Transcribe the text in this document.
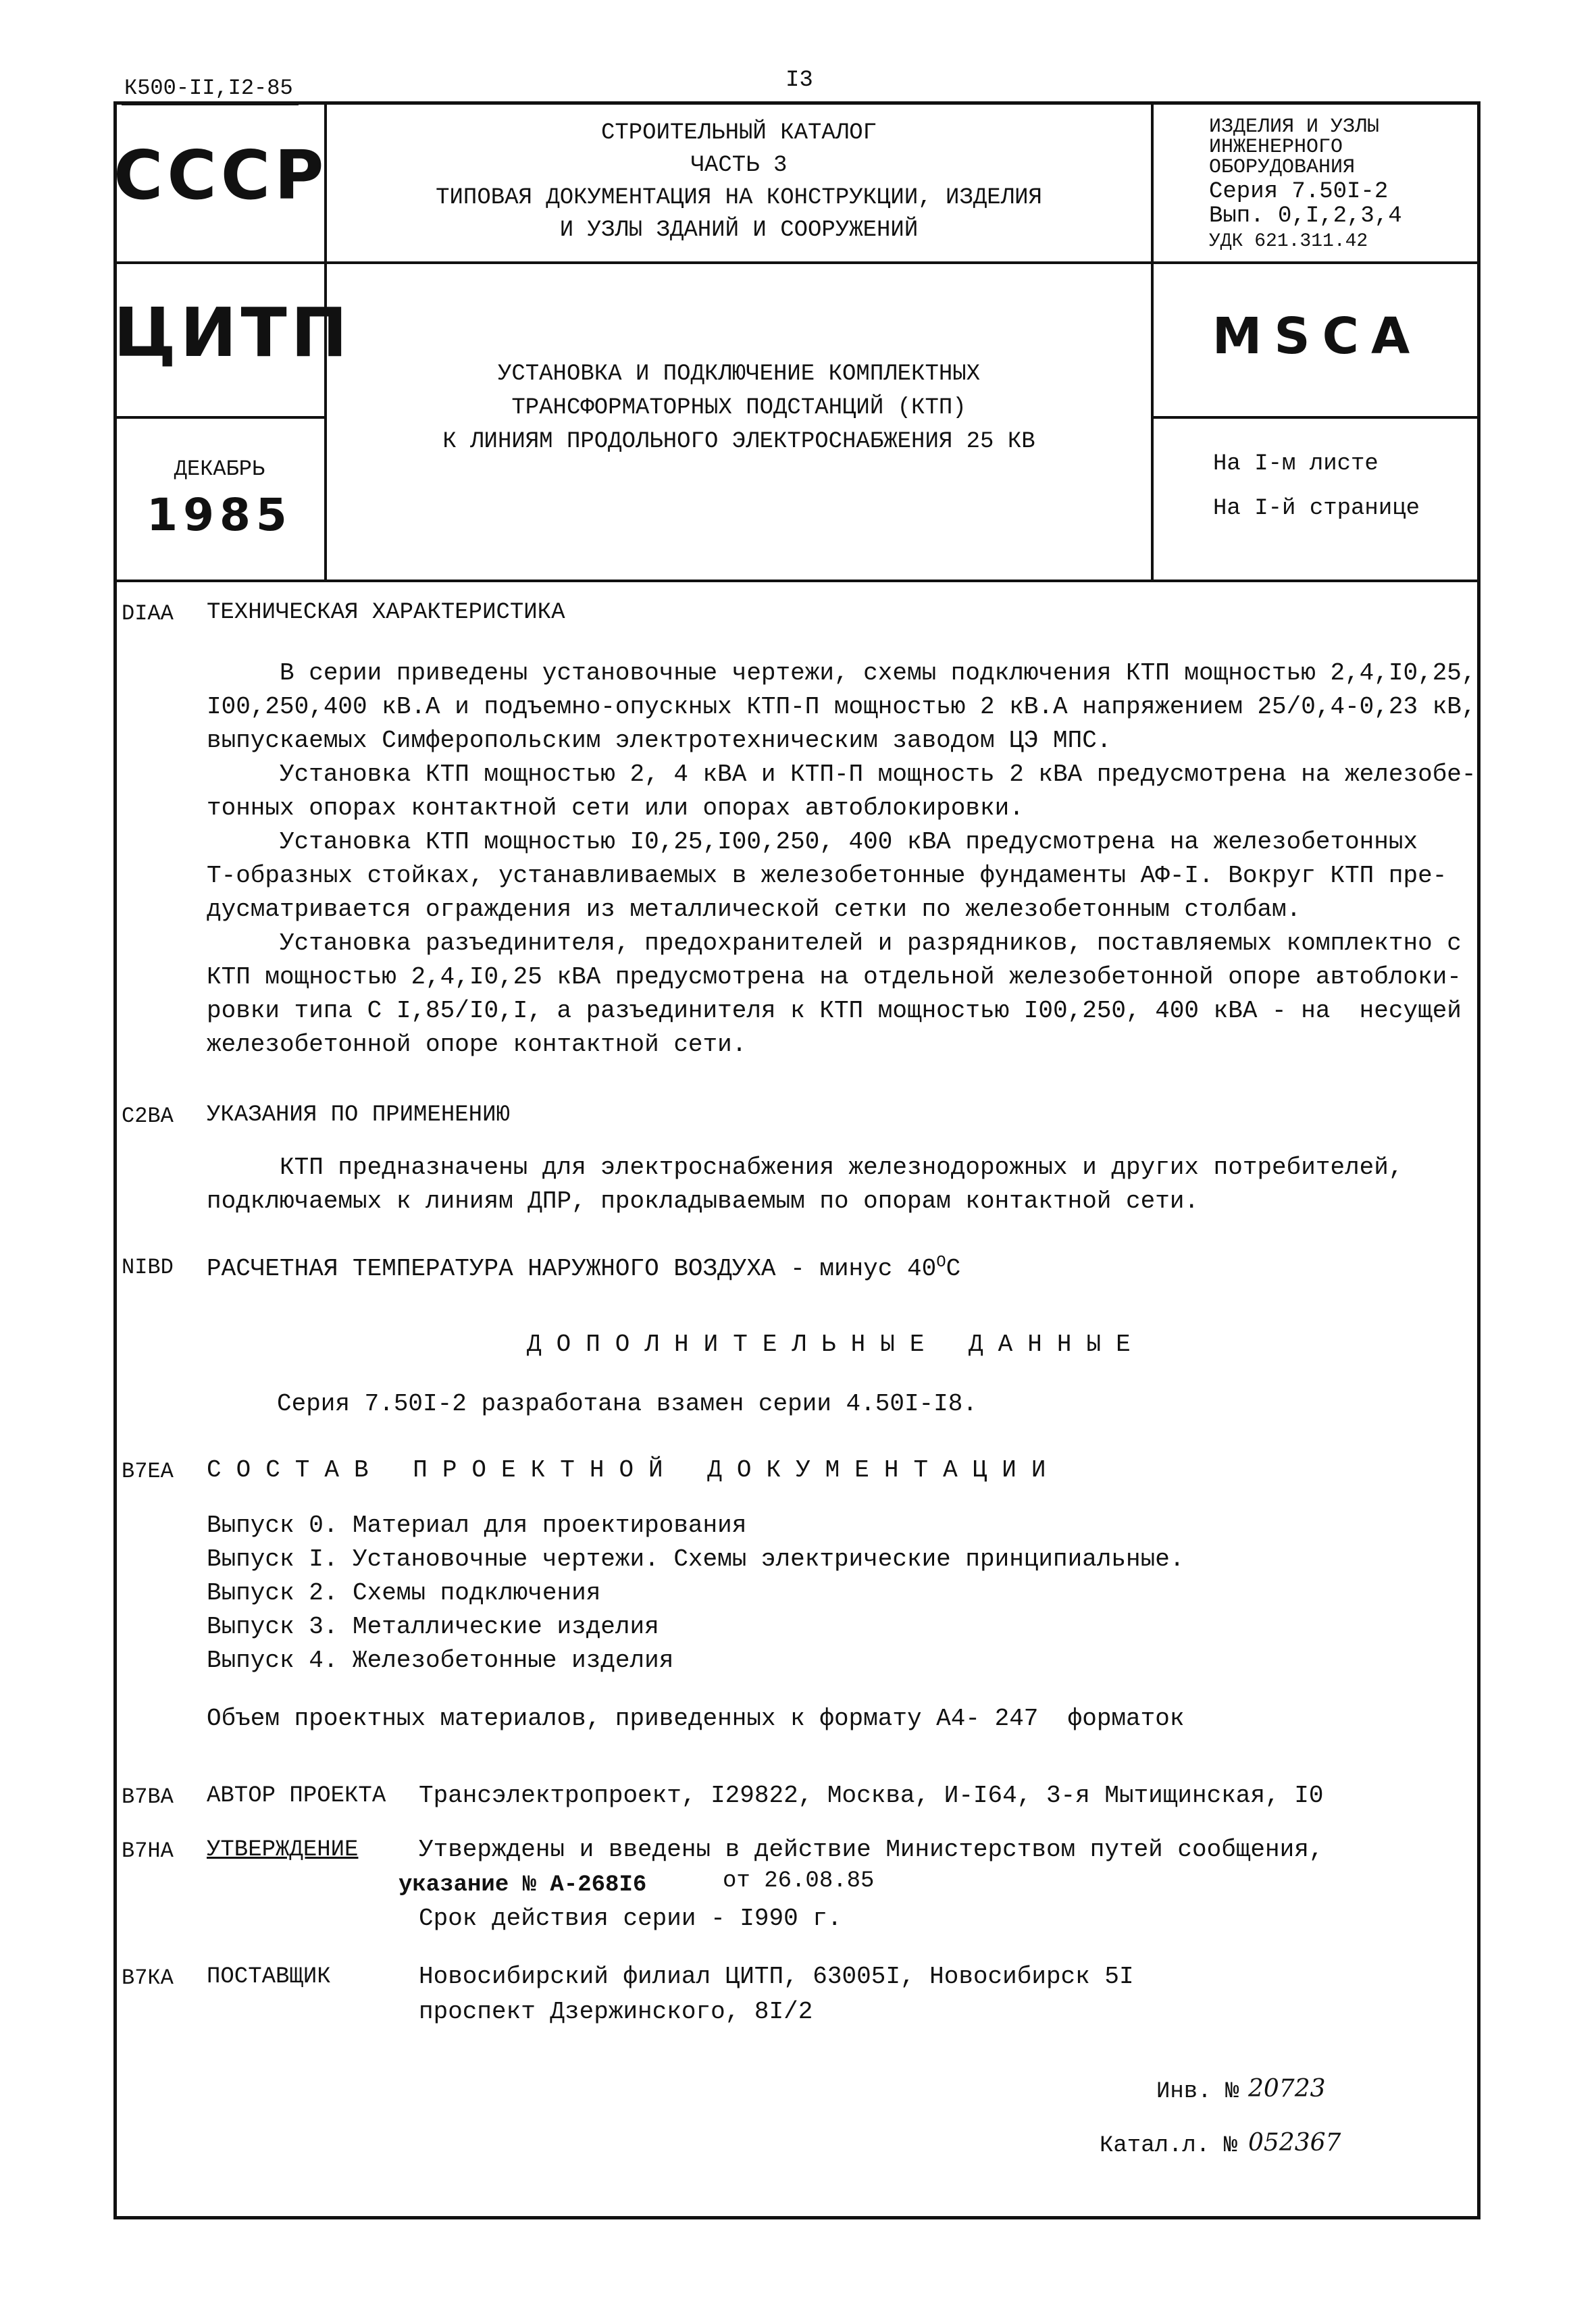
К500-II,I2-85	I3
СССР
ЦИТП
ДЕКАБРЬ
1985
СТРОИТЕЛЬНЫЙ КАТАЛОГ
ЧАСТЬ 3
ТИПОВАЯ ДОКУМЕНТАЦИЯ НА КОНСТРУКЦИИ, ИЗДЕЛИЯ
И УЗЛЫ ЗДАНИЙ И СООРУЖЕНИЙ
УСТАНОВКА И ПОДКЛЮЧЕНИЕ КОМПЛЕКТНЫХ
ТРАНСФОРМАТОРНЫХ ПОДСТАНЦИЙ (КТП)
К ЛИНИЯМ ПРОДОЛЬНОГО ЭЛЕКТРОСНАБЖЕНИЯ 25 КВ
ИЗДЕЛИЯ И УЗЛЫ
ИНЖЕНЕРНОГО
ОБОРУДОВАНИЯ
Серия 7.50I-2
Вып. 0,I,2,3,4
УДК 621.311.42
MSCA
На I-м листе
На I-й странице
DIAA ТЕХНИЧЕСКАЯ ХАРАКТЕРИСТИКА
В серии приведены установочные чертежи, схемы подключения КТП мощностью 2,4,I0,25,
I00,250,400 кВ.А и подъемно-опускных КТП-П мощностью 2 кВ.А напряжением 25/0,4-0,23 кВ,
выпускаемых Симферопольским электротехническим заводом ЦЭ МПС.
Установка КТП мощностью 2, 4 кВА и КТП-П мощность 2 кВА предусмотрена на железобе-
тонных опорах контактной сети или опорах автоблокировки.
Установка КТП мощностью I0,25,I00,250, 400 кВА предусмотрена на железобетонных
Т-образных стойках, устанавливаемых в железобетонные фундаменты АФ-I. Вокруг КТП пре-
дусматривается ограждения из металлической сетки по железобетонным столбам.
Установка разъединителя, предохранителей и разрядников, поставляемых комплектно с
КТП мощностью 2,4,I0,25 кВА предусмотрена на отдельной железобетонной опоре автоблоки-
ровки типа С I,85/I0,I, а разъединителя к КТП мощностью I00,250, 400 кВА - на  несущей
железобетонной опоре контактной сети.
С2ВА УКАЗАНИЯ ПО ПРИМЕНЕНИЮ
КТП предназначены для электроснабжения железнодорожных и других потребителей,
подключаемых к линиям ДПР, прокладываемым по опорам контактной сети.
NIBD РАСЧЕТНАЯ ТЕМПЕРАТУРА НАРУЖНОГО ВОЗДУХА - минус $40^ОС$
ДОПОЛНИТЕЛЬНЫЕ ДАННЫЕ
Серия 7.50I-2 разработана взамен серии 4.50I-I8.
В7ЕА СОСТАВ ПРОЕКТНОЙ ДОКУМЕНТАЦИИ
Выпуск 0. Материал для проектирования
Выпуск I. Установочные чертежи. Схемы электрические принципиальные.
Выпуск 2. Схемы подключения
Выпуск 3. Металлические изделия
Выпуск 4. Железобетонные изделия
Объем проектных материалов, приведенных к формату А4- 247  форматок
В7ВА АВТОР ПРОЕКТА Трансэлектропроект, I29822, Москва, И-I64, 3-я Мытищинская, I0
В7НА УТВЕРЖДЕНИЕ Утверждены и введены в действие Министерством путей сообщения,
указание № А-268I6	от 26.08.85
Срок действия серии - I990 г.
В7КА ПОСТАВЩИК	Новосибирский филиал ЦИТП, 63005I, Новосибирск 5I
проспект Дзержинского, 8I/2
Инв. № 20723
Катал.л. № 052367
